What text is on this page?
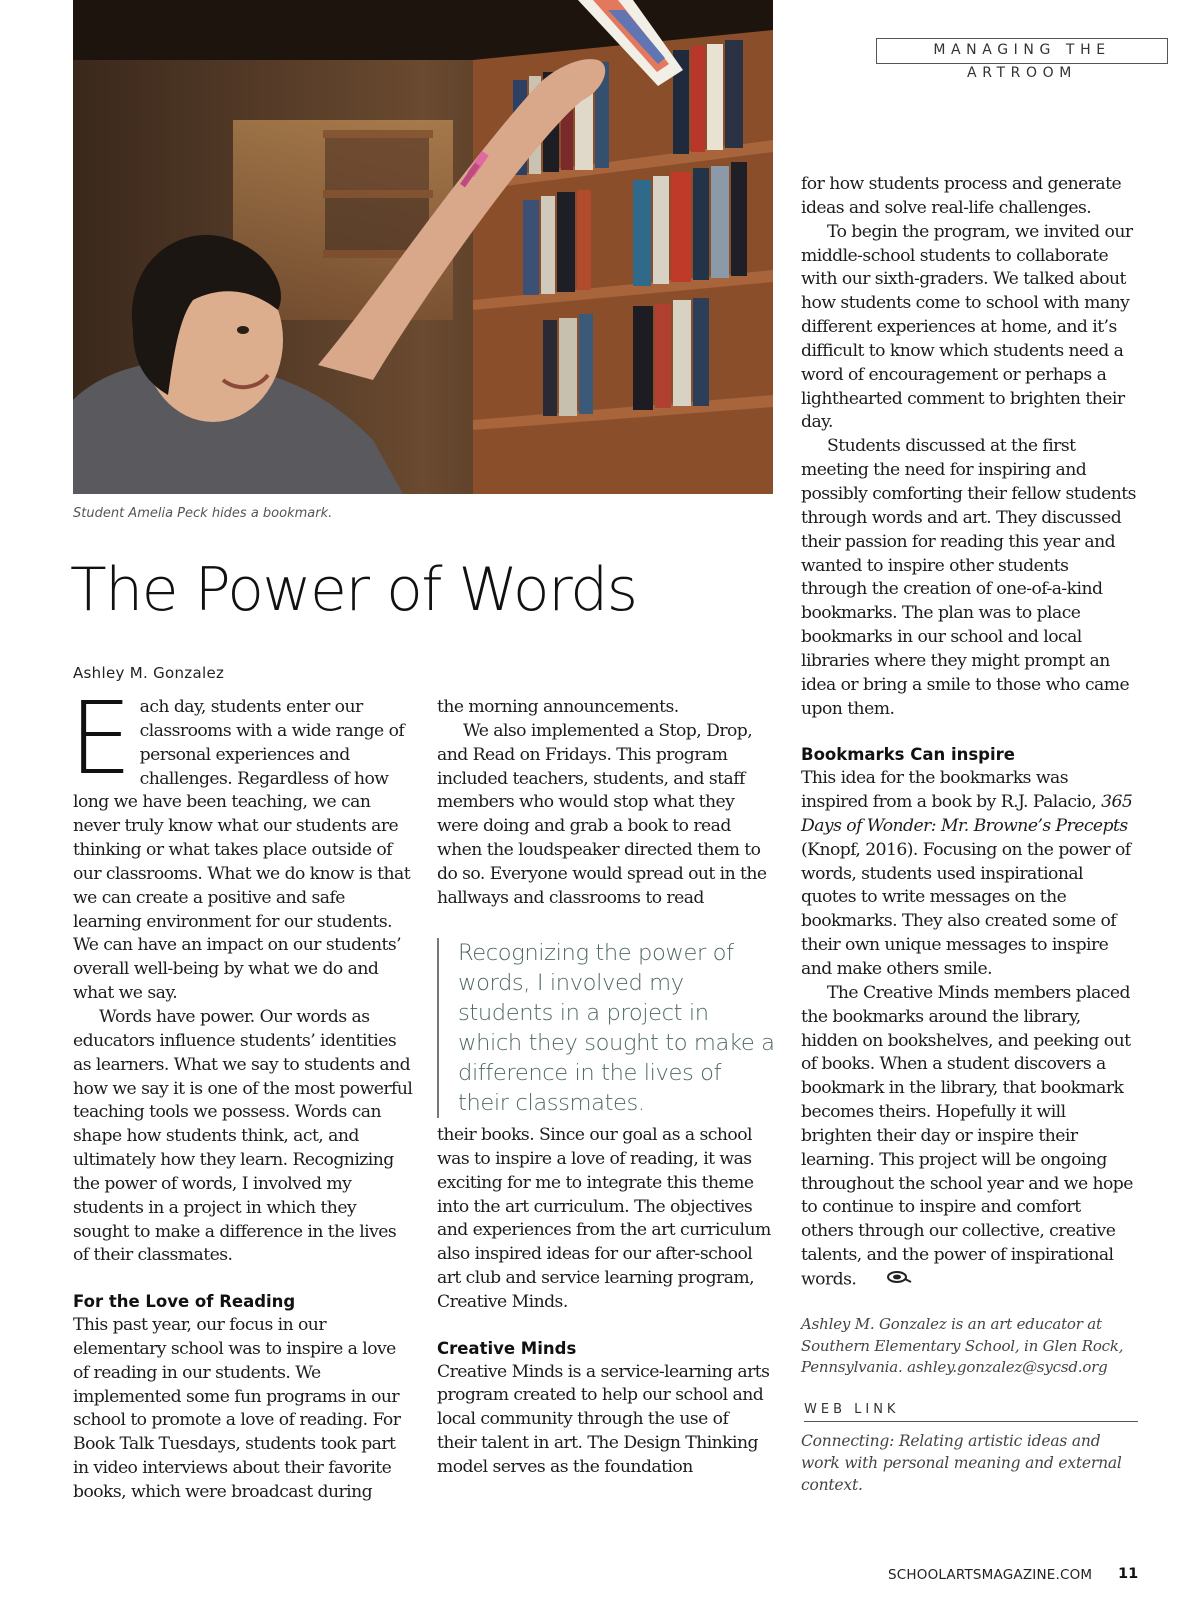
MANAGING THE ARTROOM
Student Amelia Peck hides a bookmark.
The Power of Words
Ashley M. Gonzalez

Each day, students enter our classrooms with a wide range of personal experiences and challenges. Regardless of how long we have been teaching, we can never truly know what our students are thinking or what takes place outside of our classrooms. What we do know is that we can create a positive and safe learning environment for our students. We can have an impact on our students’ overall well-being by what we do and what we say.

Words have power. Our words as educators influence students’ identities as learners. What we say to students and how we say it is one of the most powerful teaching tools we possess. Words can shape how students think, act, and ultimately how they learn. Recognizing the power of words, I involved my students in a project in which they sought to make a difference in the lives of their classmates.

For the Love of Reading

This past year, our focus in our elementary school was to inspire a love of reading in our students. We implemented some fun programs in our school to promote a love of reading. For Book Talk Tuesdays, students took part in video interviews about their favorite books, which were broadcast during

the morning announcements.

We also implemented a Stop, Drop, and Read on Fridays. This program included teachers, students, and staff members who would stop what they were doing and grab a book to read when the loudspeaker directed them to do so. Everyone would spread out in the hallways and classrooms to read

Recognizing the power of words, I involved my students in a project in which they sought to make a difference in the lives of their classmates.

their books. Since our goal as a school was to inspire a love of reading, it was exciting for me to integrate this theme into the art curriculum. The objectives and experiences from the art curriculum also inspired ideas for our after-school art club and service learning program, Creative Minds.

Creative Minds

Creative Minds is a service-learning arts program created to help our school and local community through the use of their talent in art. The Design Thinking model serves as the foundation

for how students process and generate ideas and solve real-life challenges.

To begin the program, we invited our middle-school students to collaborate with our sixth-graders. We talked about how students come to school with many different experiences at home, and it’s difficult to know which students need a word of encouragement or perhaps a lighthearted comment to brighten their day.

Students discussed at the first meeting the need for inspiring and possibly comforting their fellow students through words and art. They discussed their passion for reading this year and wanted to inspire other students through the creation of one-of-a-kind bookmarks. The plan was to place bookmarks in our school and local libraries where they might prompt an idea or bring a smile to those who came upon them.

Bookmarks Can inspire

This idea for the bookmarks was inspired from a book by R.J. Palacio, 365 Days of Wonder: Mr. Browne’s Precepts (Knopf, 2016). Focusing on the power of words, students used inspirational quotes to write messages on the bookmarks. They also created some of their own unique messages to inspire and make others smile.

The Creative Minds members placed the bookmarks around the library, hidden on bookshelves, and peeking out of books. When a student discovers a bookmark in the library, that bookmark becomes theirs. Hopefully it will brighten their day or inspire their learning. This project will be ongoing throughout the school year and we hope to continue to inspire and comfort others through our collective, creative talents, and the power of inspirational words.

Ashley M. Gonzalez is an art educator at Southern Elementary School, in Glen Rock, Pennsylvania. ashley.gonzalez@sycsd.org
WEB LINK
Connecting: Relating artistic ideas and work with personal meaning and external context.
SCHOOLARTSMAGAZINE.COM 11
